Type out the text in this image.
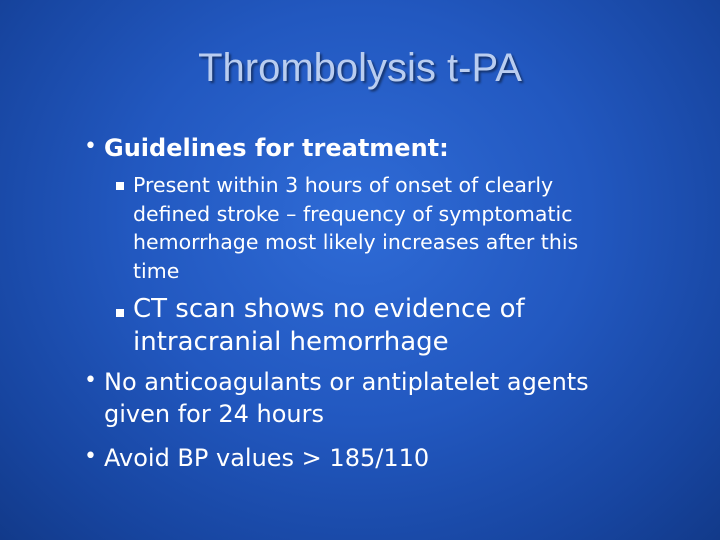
Thrombolysis t-PA
• Guidelines for treatment:
Present within 3 hours of onset of clearly
defined stroke – frequency of symptomatic
hemorrhage most likely increases after this
time
CT scan shows no evidence of
intracranial hemorrhage
• No anticoagulants or antiplatelet agents
given for 24 hours
• Avoid BP values > 185/110
